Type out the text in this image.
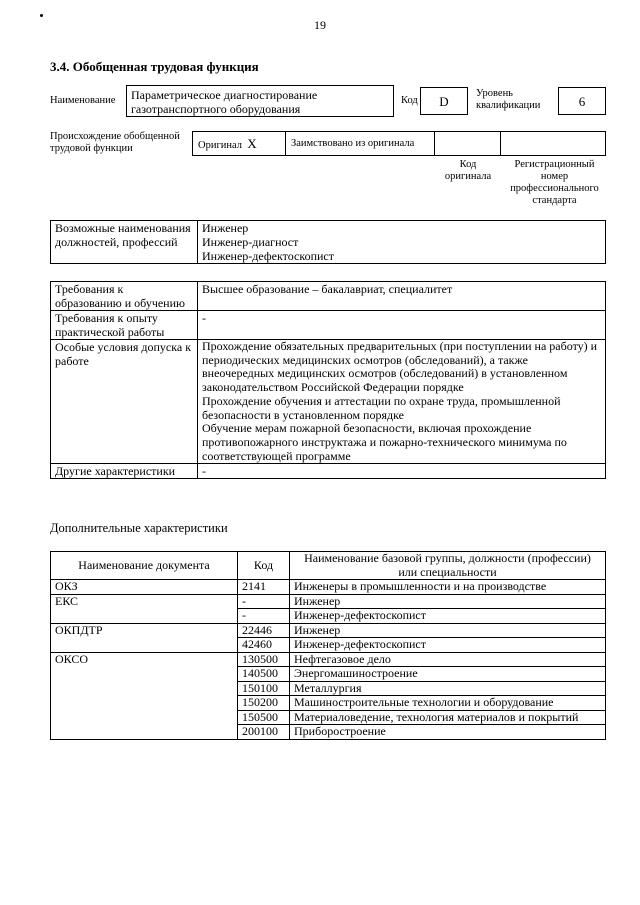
19
3.4. Обобщенная трудовая функция
Наименование	Параметрическое диагностирование газотранспортного оборудования
Код	D
Уровень квалификации	6
Происхождение обобщенной трудовой функции	Оригинал X	Заимствовано из оригинала
Код оригинала
Регистрационный номер профессионального стандарта
Возможные наименования должностей, профессий	
Инженер
Инженер-диагност
Инженер-дефектоскопист
Требования к образованию и обучению	Высшее образование – бакалавриат, специалитет
Требования к опыту практической работы	-
Особые условия допуска к работе	Прохождение обязательных предварительных (при поступлении на работу) и периодических медицинских осмотров (обследований), а также внеочередных медицинских осмотров (обследований) в установленном законодательством Российской Федерации порядке
Прохождение обучения и аттестации по охране труда, промышленной безопасности в установленном порядке
Обучение мерам пожарной безопасности, включая прохождение противопожарного инструктажа и пожарно-технического минимума по соответствующей программе
Другие характеристики	-
Дополнительные характеристики
Наименование документа	Код	Наименование базовой группы, должности (профессии) или специальности
ОКЗ	2141	Инженеры в промышленности и на производстве
ЕКС	-	Инженер
	-	Инженер-дефектоскопист
ОКПДТР	22446	Инженер
	42460	Инженер-дефектоскопист
ОКСО	130500	Нефтегазовое дело
	140500	Энергомашиностроение
	150100	Металлургия
	150200	Машиностроительные технологии и оборудование
	150500	Материаловедение, технология материалов и покрытий
	200100	Приборостроение
